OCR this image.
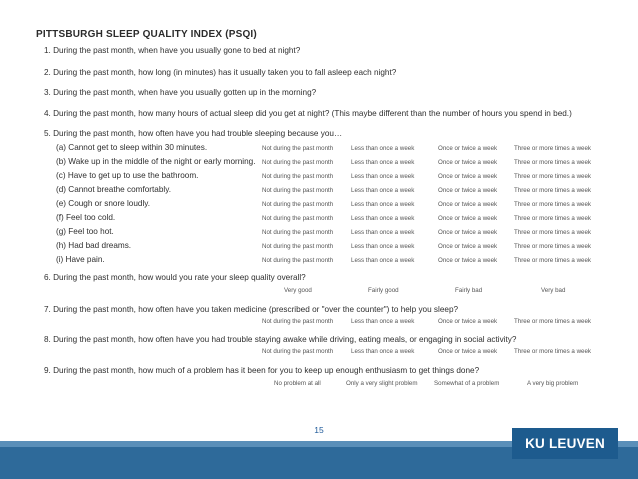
PITTSBURGH SLEEP QUALITY INDEX (PSQI)
1. During the past month, when have you usually gone to bed at night?
2. During the past month, how long (in minutes) has it usually taken you to fall asleep each night?
3. During the past month, when have you usually gotten up in the morning?
4. During the past month, how many hours of actual sleep did you get at night? (This maybe different than the number of hours you spend in bed.)
5. During the past month, how often have you had trouble sleeping because you…
(a) Cannot get to sleep within 30 minutes.	Not during the past month	Less than once a week	Once or twice a week	Three or more times a week
(b) Wake up in the middle of the night or early morning. Not during the past month	Less than once a week	Once or twice a week	Three or more times a week
(c) Have to get up to use the bathroom.	Not during the past month	Less than once a week	Once or twice a week	Three or more times a week
(d) Cannot breathe comfortably.	Not during the past month	Less than once a week	Once or twice a week	Three or more times a week
(e) Cough or snore loudly.	Not during the past month	Less than once a week	Once or twice a week	Three or more times a week
(f) Feel too cold.	Not during the past month	Less than once a week	Once or twice a week	Three or more times a week
(g) Feel too hot.	Not during the past month	Less than once a week	Once or twice a week	Three or more times a week
(h) Had bad dreams.	Not during the past month	Less than once a week	Once or twice a week	Three or more times a week
(i) Have pain.	Not during the past month	Less than once a week	Once or twice a week	Three or more times a week
6. During the past month, how would you rate your sleep quality overall?
Very good	Fairly good	Fairly bad	Very bad
7. During the past month, how often have you taken medicine (prescribed or "over the counter") to help you sleep?
Not during the past month	Less than once a week	Once or twice a week	Three or more times a week
8. During the past month, how often have you had trouble staying awake while driving, eating meals, or engaging in social activity?
Not during the past month	Less than once a week	Once or twice a week	Three or more times a week
9. During the past month, how much of a problem has it been for you to keep up enough enthusiasm to get things done?
No problem at all	Only a very slight problem	Somewhat of a problem	A very big problem
15
KU LEUVEN
